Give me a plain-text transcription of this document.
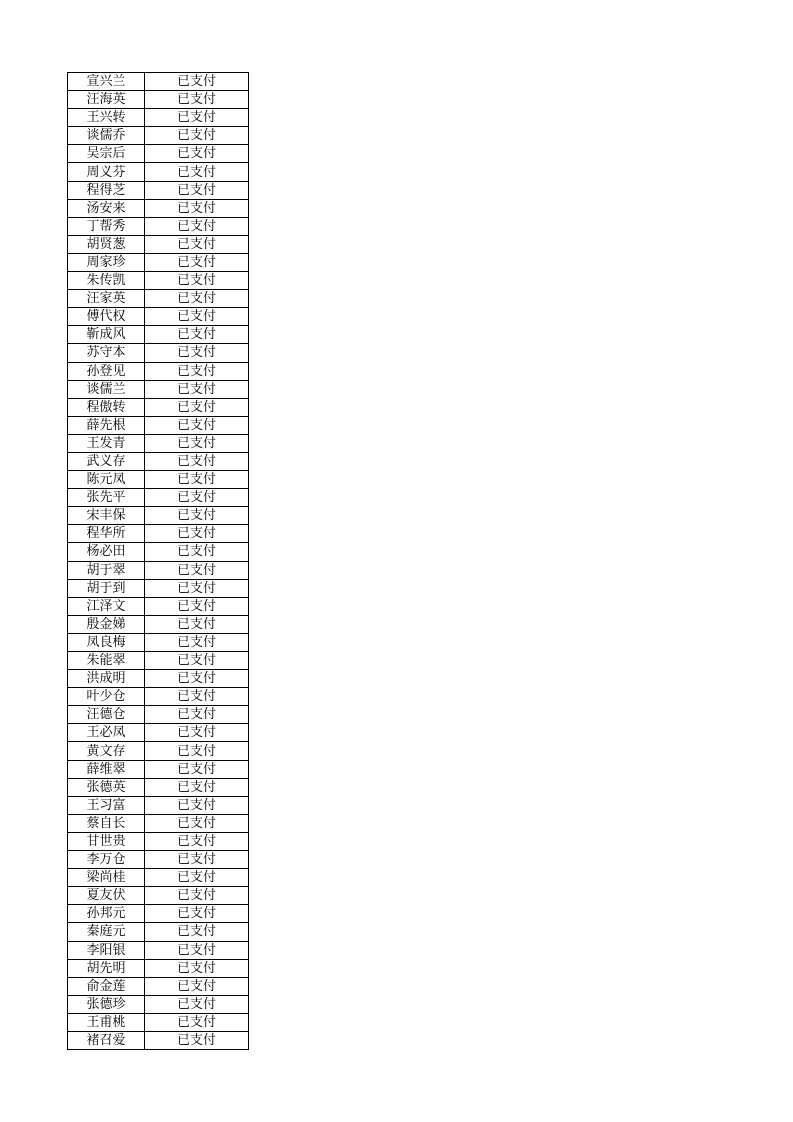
宣兴兰	已支付
汪海英	已支付
王兴转	已支付
谈儒乔	已支付
吴宗后	已支付
周义芬	已支付
程得芝	已支付
汤安来	已支付
丁帮秀	已支付
胡贤葱	已支付
周家珍	已支付
朱传凯	已支付
汪家英	已支付
傅代权	已支付
靳成风	已支付
苏守本	已支付
孙登见	已支付
谈儒兰	已支付
程傲转	已支付
薛先根	已支付
王发青	已支付
武义存	已支付
陈元凤	已支付
张先平	已支付
宋丰保	已支付
程华所	已支付
杨必田	已支付
胡于翠	已支付
胡于到	已支付
江泽文	已支付
殷金娣	已支付
凤良梅	已支付
朱能翠	已支付
洪成明	已支付
叶少仓	已支付
汪德仓	已支付
王必凤	已支付
黄文存	已支付
薛维翠	已支付
张德英	已支付
王习富	已支付
蔡自长	已支付
甘世贵	已支付
李万仓	已支付
梁尚桂	已支付
夏友伏	已支付
孙邦元	已支付
秦庭元	已支付
李阳银	已支付
胡先明	已支付
俞金莲	已支付
张德珍	已支付
王甫桃	已支付
褚召爱	已支付
